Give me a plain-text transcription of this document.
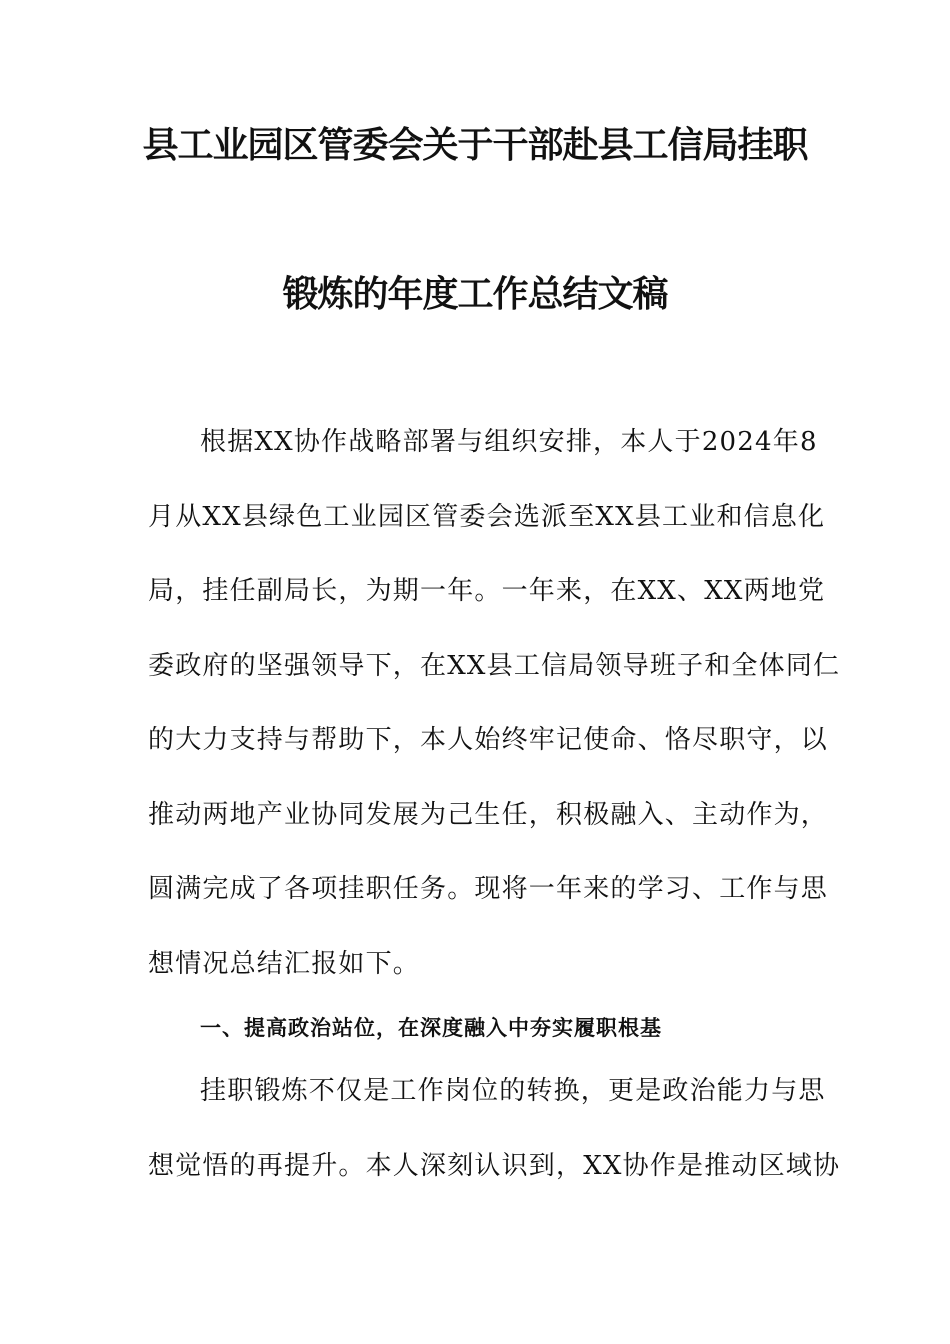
县工业园区管委会关于干部赴县工信局挂职
锻炼的年度工作总结文稿
根据XX协作战略部署与组织安排，本人于2024年8
月从XX县绿色工业园区管委会选派至XX县工业和信息化
局，挂任副局长，为期一年。一年来，在XX、XX两地党
委政府的坚强领导下，在XX县工信局领导班子和全体同仁
的大力支持与帮助下，本人始终牢记使命、恪尽职守，以
推动两地产业协同发展为己生任，积极融入、主动作为，
圆满完成了各项挂职任务。现将一年来的学习、工作与思
想情况总结汇报如下。
一、提高政治站位，在深度融入中夯实履职根基
挂职锻炼不仅是工作岗位的转换，更是政治能力与思
想觉悟的再提升。本人深刻认识到，XX协作是推动区域协
